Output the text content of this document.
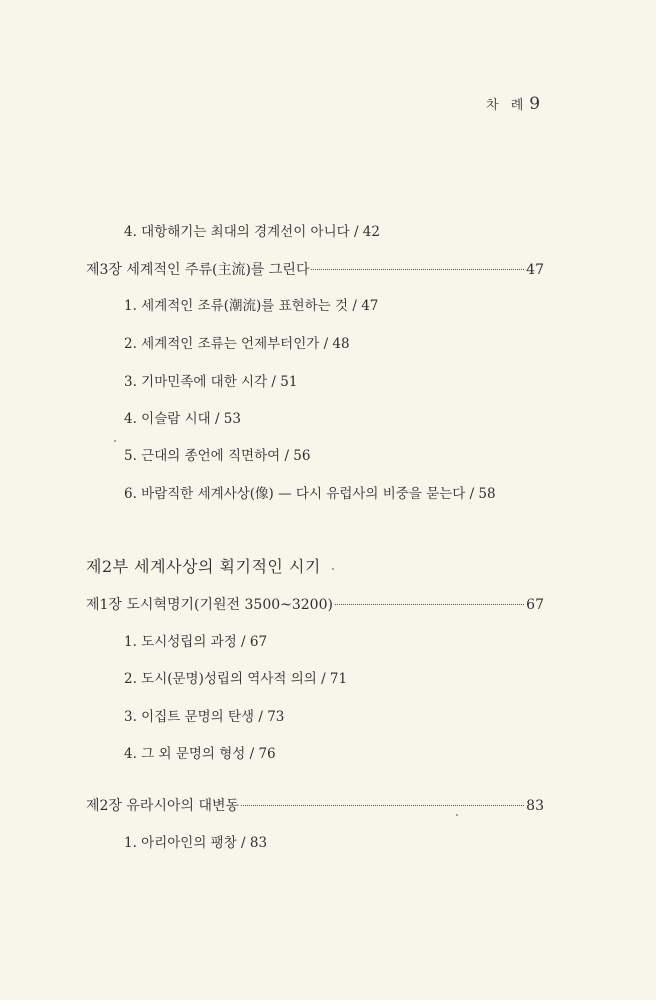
차 례 9
4. 대항해기는 최대의 경계선이 아니다 / 42
제3장 세계적인 주류(主流)를 그린다	47
1. 세계적인 조류(潮流)를 표현하는 것 / 47
2. 세계적인 조류는 언제부터인가 / 48
3. 기마민족에 대한 시각 / 51
4. 이슬람 시대 / 53
5. 근대의 종언에 직면하여 / 56
6. 바람직한 세계사상(像) — 다시 유럽사의 비중을 묻는다 / 58
제2부 세계사상의 획기적인 시기
제1장 도시혁명기(기원전 3500~3200)	67
1. 도시성립의 과정 / 67
2. 도시(문명)성립의 역사적 의의 / 71
3. 이집트 문명의 탄생 / 73
4. 그 외 문명의 형성 / 76
제2장 유라시아의 대변동	83
1. 아리아인의 팽창 / 83
